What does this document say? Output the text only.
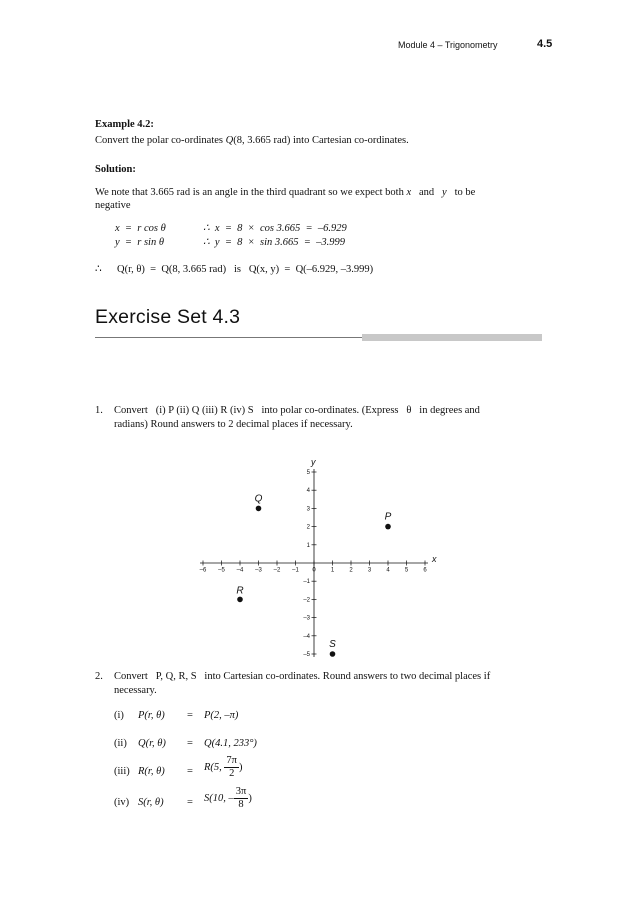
Module 4 – Trigonometry	4.5
Example 4.2:
Convert the polar co-ordinates Q(8, 3.665 rad) into Cartesian co-ordinates.
Solution:
We note that 3.665 rad is an angle in the third quadrant so we expect both x and y to be
negative
x  =  r cos θ	∴  x  =  8  ×  cos 3.665  =  –6.929
y  =  r sin θ	∴  y  =  8  ×  sin 3.665  =  –3.999
∴ Q(r, θ)  =  Q(8, 3.665 rad)   is   Q(x, y)  =  Q(–6.929, –3.999)
Exercise Set 4.3
1. Convert   (i) P (ii) Q (iii) R (iv) S   into polar co-ordinates. (Express   θ   in degrees and
radians) Round answers to 2 decimal places if necessary.
–6 –5 –4 –3 –2 –1 0	1	2	3	4	5	6
5
4
3
2
1
–1
–2
–3
–4
–5
x
y
P
Q
R
S
2. Convert   P, Q, R, S   into Cartesian co-ordinates. Round answers to two decimal places if
necessary.
(i) P(r, θ) = P(2, –π)
(ii) Q(r, θ) = Q(4.1, 233°)
(iii) R(r, θ) = R(5, $\frac{7\pi}{2}$ )
(iv) S(r, θ) = S(10, – $\frac{3\pi}{8}$ )
